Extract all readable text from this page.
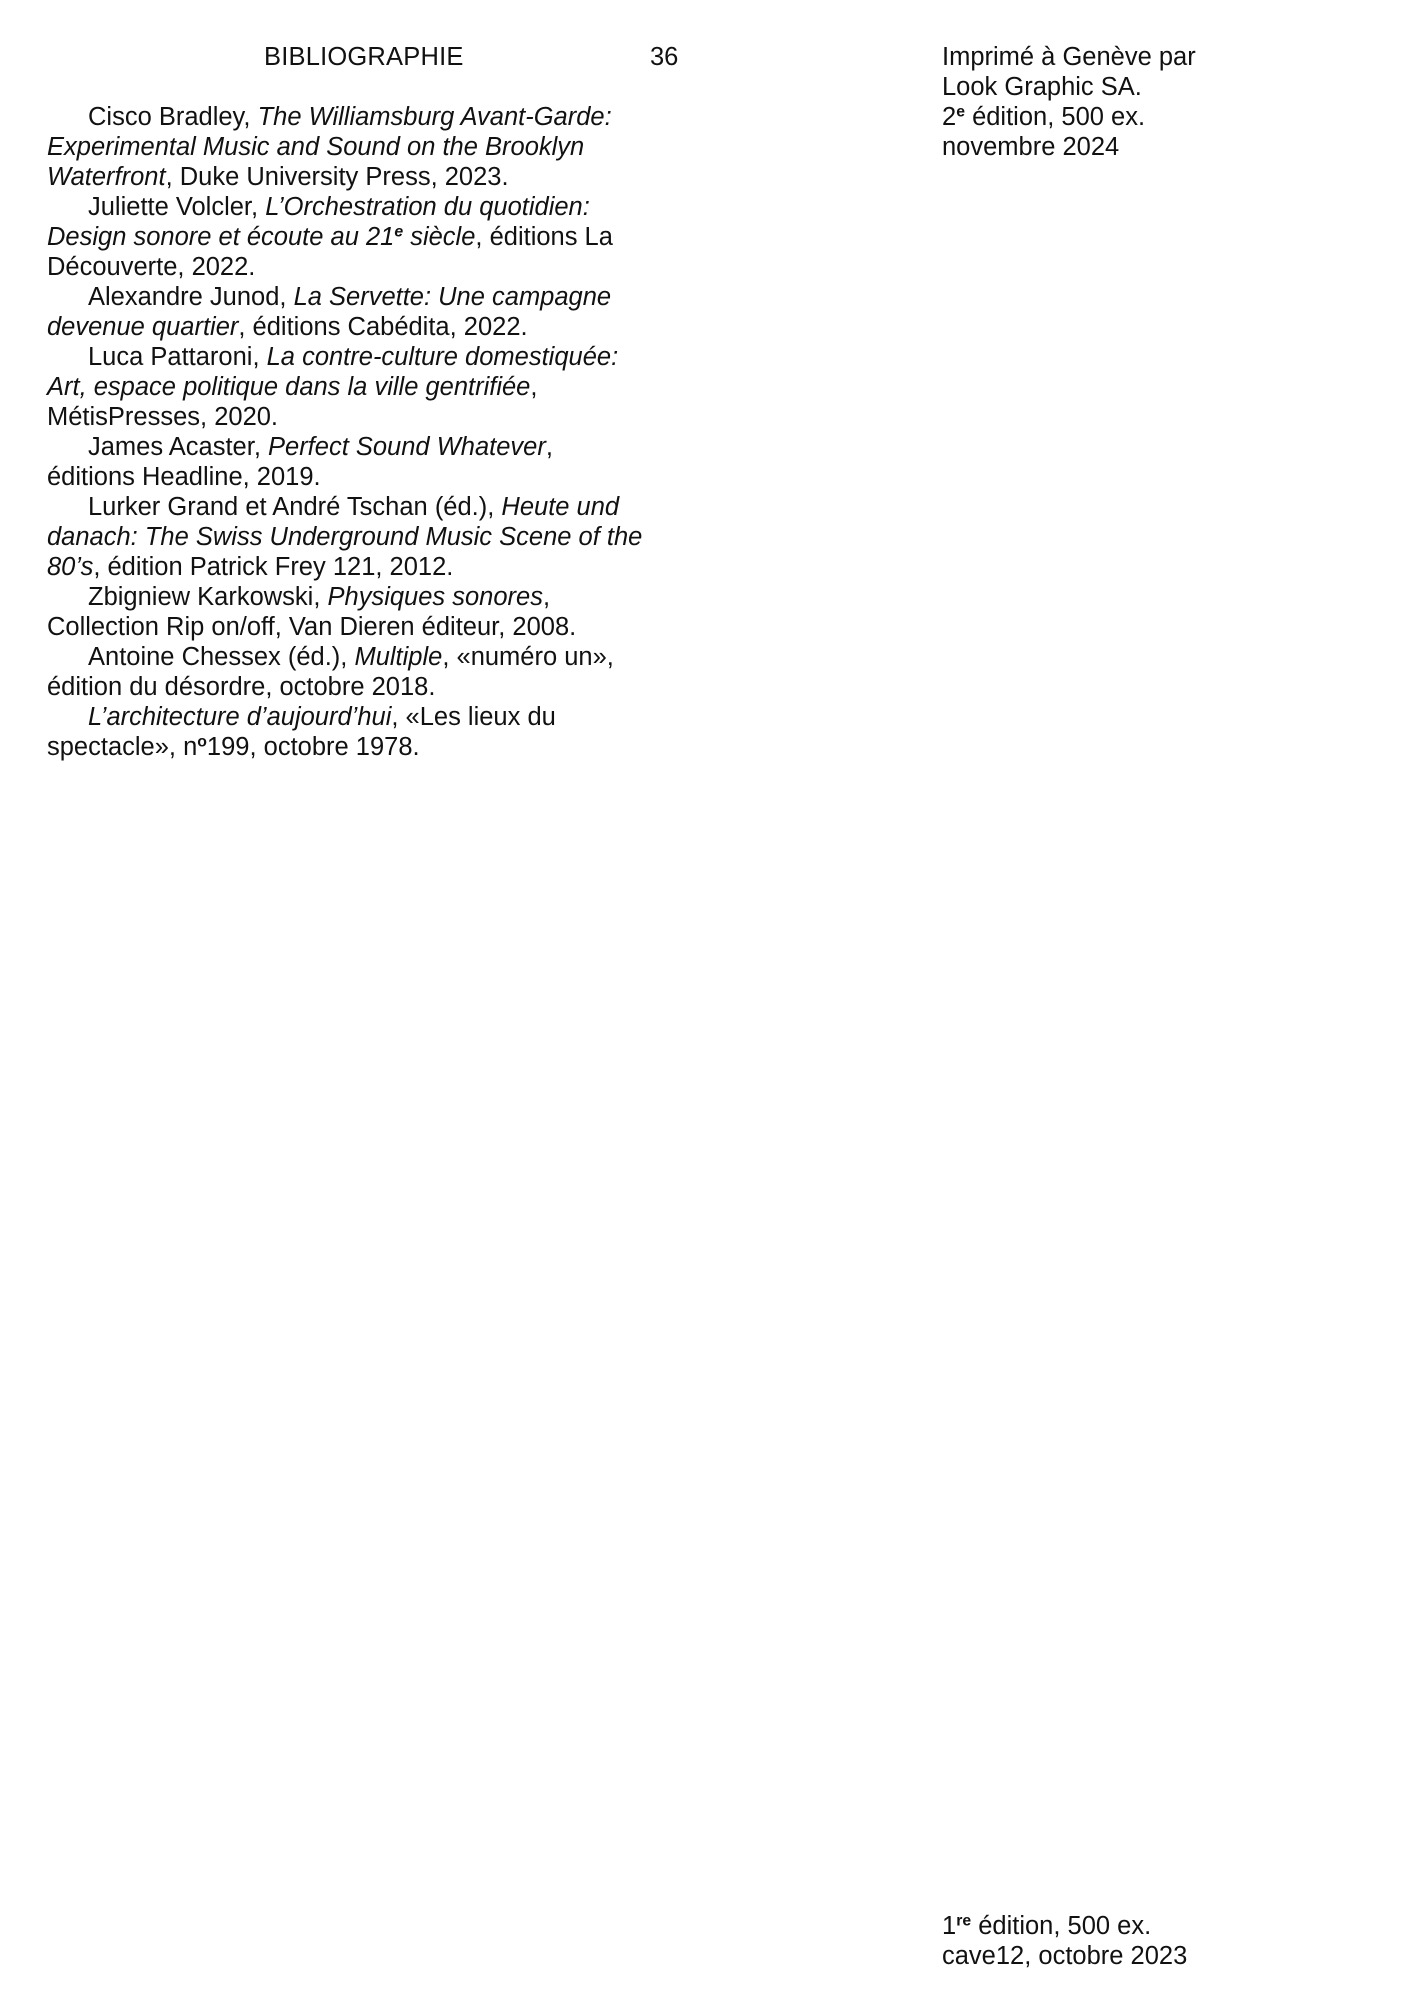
BIBLIOGRAPHIE	36

Cisco Bradley, The Williamsburg Avant-Garde: Experimental Music and Sound on the Brooklyn Waterfront, Duke University Press, 2023.

Juliette Volcler, L’Orchestration du quotidien: Design sonore et écoute au 21e siècle, éditions La Découverte, 2022.

Alexandre Junod, La Servette: Une campagne devenue quartier, éditions Cabédita, 2022.

Luca Pattaroni, La contre-culture domestiquée: Art, espace politique dans la ville gentrifiée, MétisPresses, 2020.

James Acaster, Perfect Sound Whatever, éditions Headline, 2019.

Lurker Grand et André Tschan (éd.), Heute und danach: The Swiss Underground Music Scene of the 80’s, édition Patrick Frey 121, 2012.

Zbigniew Karkowski, Physiques sonores, Collection Rip on/off, Van Dieren éditeur, 2008.

Antoine Chessex (éd.), Multiple, «numéro un», édition du désordre, octobre 2018.

L’architecture d’aujourd’hui, «Les lieux du spectacle», $n^o199$, octobre 1978.

Imprimé à Genève par
Look Graphic SA.
2e édition, 500 ex.
novembre 2024
1re édition, 500 ex.
cave12, octobre 2023
